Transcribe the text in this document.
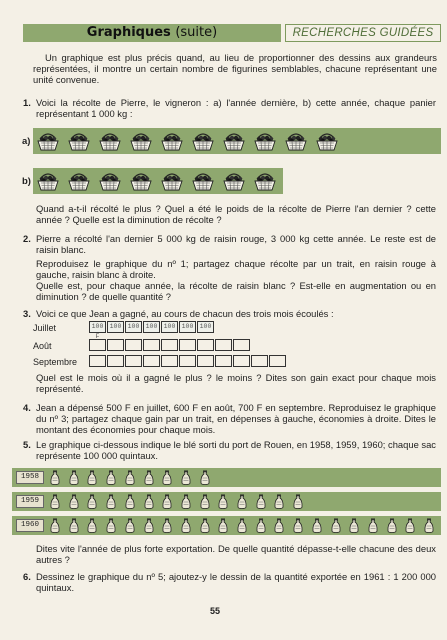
Graphiques (suite)	RECHERCHES GUIDÉES
Un graphique est plus précis quand, au lieu de proportionner des dessins aux grandeurs représentées, il montre un certain nombre de figurines semblables, chacune représentant une unité convenue.
1. Voici la récolte de Pierre, le vigneron : a) l'année dernière, b) cette année, chaque panier représentant 1 000 kg :
a)
b)
Quand a-t-il récolté le plus ? Quel a été le poids de la récolte de Pierre l'an dernier ? cette année ? Quelle est la diminution de récolte ?
2. Pierre a récolté l'an dernier 5 000 kg de raisin rouge, 3 000 kg cette année. Le reste est de raisin blanc.
Reproduisez le graphique du nº 1; partagez chaque récolte par un trait, en raisin rouge à gauche, raisin blanc à droite.
Quelle est, pour chaque année, la récolte de raisin blanc ? Est-elle en augmentation ou en diminution ? de quelle quantité ?
3. Voici ce que Jean a gagné, au cours de chacun des trois mois écoulés :
Juillet	100 F
100 100 100 100 100 100
Août
Septembre
Quel est le mois où il a gagné le plus ? le moins ? Dites son gain exact pour chaque mois représenté.
4. Jean a dépensé 500 F en juillet, 600 F en août, 700 F en septembre. Reproduisez le graphique du nº 3; partagez chaque gain par un trait, en dépenses à gauche, économies à droite. Dites le montant des économies pour chaque mois.
5. Le graphique ci-dessous indique le blé sorti du port de Rouen, en 1958, 1959, 1960; chaque sac représente 100 000 quintaux.
1958
1959
1960
Dites vite l'année de plus forte exportation. De quelle quantité dépasse-t-elle chacune des deux autres ?
6. Dessinez le graphique du nº 5; ajoutez-y le dessin de la quantité exportée en 1961 : 1 200 000 quintaux.
55
